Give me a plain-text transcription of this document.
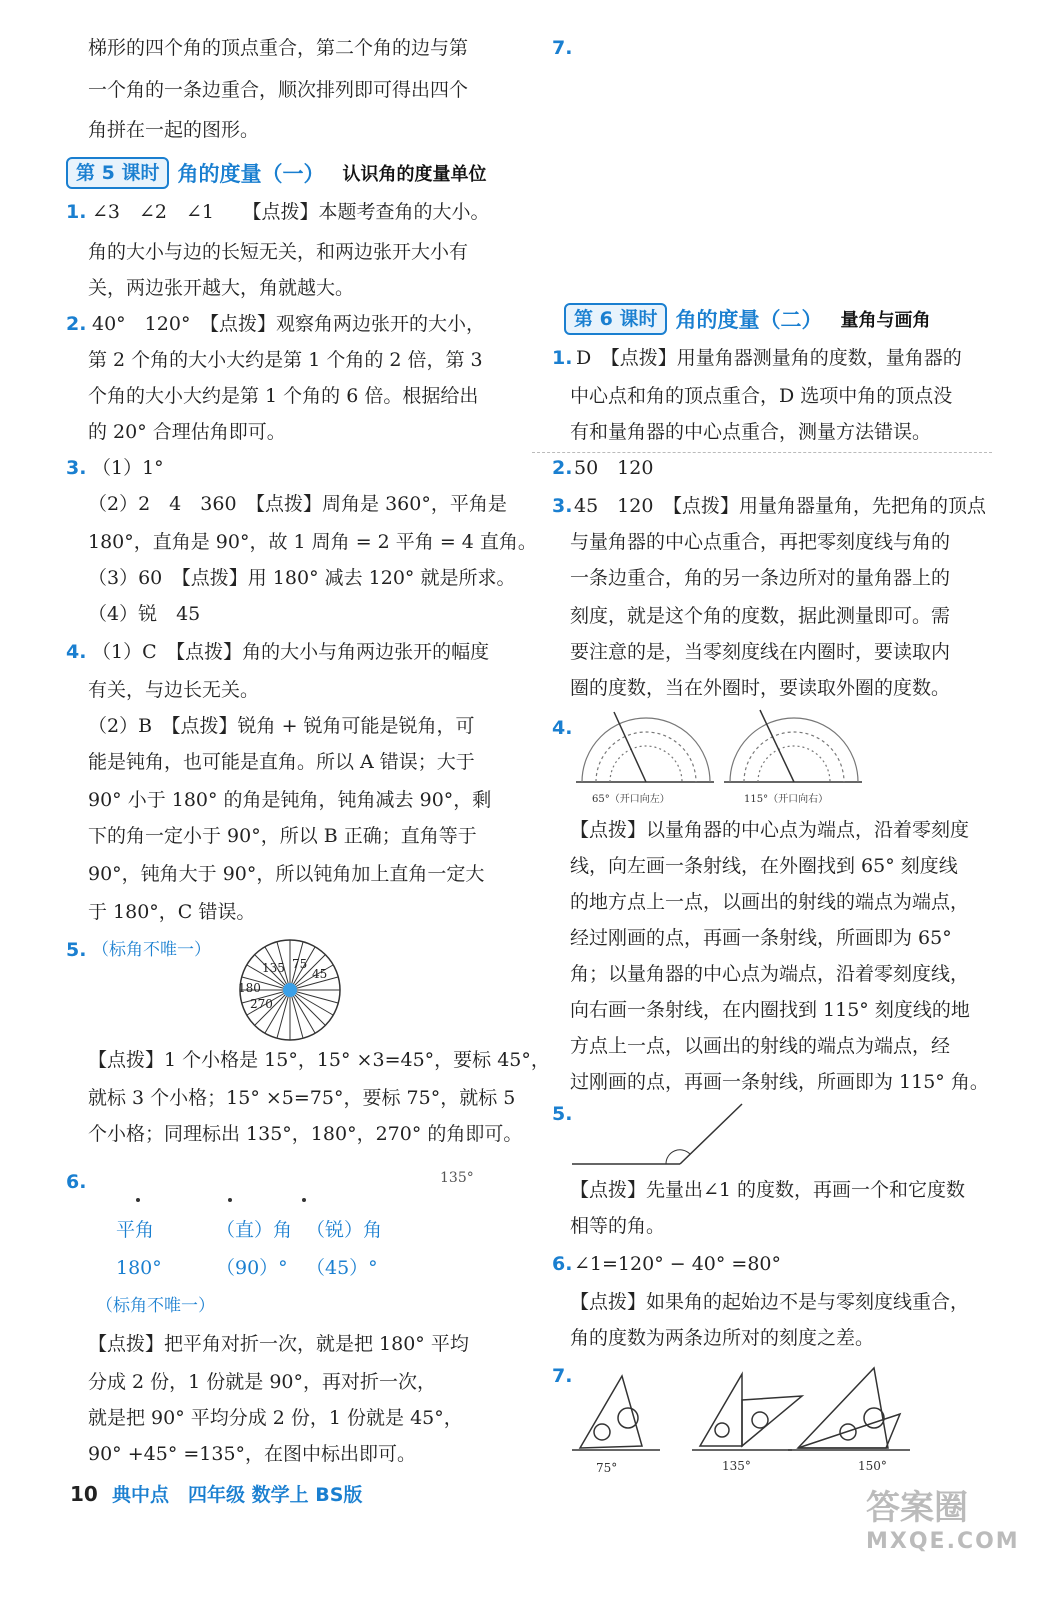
梯形的四个角的顶点重合，第二个角的边与第
一个角的一条边重合，顺次排列即可得出四个
角拼在一起的图形。
第 5 课时 角的度量（一） 认识角的度量单位
1. ∠3　∠2　∠1　　【点拨】本题考查角的大小。
角的大小与边的长短无关，和两边张开大小有
关，两边张开越大，角就越大。
2. 40°　120°　【点拨】观察角两边张开的大小，
第 2 个角的大小大约是第 1 个角的 2 倍，第 3
个角的大小大约是第 1 个角的 6 倍。根据给出
的 20° 合理估角即可。
3. （1）1°
（2）2　4　360　【点拨】周角是 360°，平角是
180°，直角是 90°，故 1 周角 = 2 平角 = 4 直角。
（3）60　【点拨】用 180° 减去 120° 就是所求。
（4）锐　45
4. （1）C　【点拨】角的大小与角两边张开的幅度
有关，与边长无关。
（2）B　【点拨】锐角 + 锐角可能是锐角，可
能是钝角，也可能是直角。所以 A 错误；大于
90° 小于 180° 的角是钝角，钝角减去 90°，剩
下的角一定小于 90°，所以 B 正确；直角等于
90°，钝角大于 90°，所以钝角加上直角一定大
于 180°，C 错误。
5. （标角不唯一）
135 75
45
180
270
【点拨】1 个小格是 15°，15° ×3=45°，要标 45°，
就标 3 个小格；15° ×5=75°，要标 75°，就标 5
个小格；同理标出 135°，180°，270° 的角即可。
6.	135°
平角	（直）角 （锐）角
180°	（90）° （45）°
（标角不唯一）
【点拨】把平角对折一次，就是把 180° 平均
分成 2 份，1 份就是 90°，再对折一次，
就是把 90° 平均分成 2 份，1 份就是 45°，
90° +45° =135°，在图中标出即可。
7.
第 6 课时 角的度量（二） 量角与画角
1. D　【点拨】用量角器测量角的度数，量角器的
中心点和角的顶点重合，D 选项中角的顶点没
有和量角器的中心点重合，测量方法错误。
2. 50　120
3. 45　120　【点拨】用量角器量角，先把角的顶点
与量角器的中心点重合，再把零刻度线与角的
一条边重合，角的另一条边所对的量角器上的
刻度，就是这个角的度数，据此测量即可。需
要注意的是，当零刻度线在内圈时，要读取内
圈的度数，当在外圈时，要读取外圈的度数。
4.
65°（开口向左）	115°（开口向右）
【点拨】以量角器的中心点为端点，沿着零刻度
线，向左画一条射线，在外圈找到 65° 刻度线
的地方点上一点，以画出的射线的端点为端点，
经过刚画的点，再画一条射线，所画即为 65°
角；以量角器的中心点为端点，沿着零刻度线，
向右画一条射线，在内圈找到 115° 刻度线的地
方点上一点，以画出的射线的端点为端点，经
过刚画的点，再画一条射线，所画即为 115° 角。
5.
【点拨】先量出∠1 的度数，再画一个和它度数
相等的角。
6. ∠1=120° − 40° =80°
【点拨】如果角的起始边不是与零刻度线重合，
角的度数为两条边所对的刻度之差。
7.
75°	135°	150°
10 典中点　四年级 数学上 BS版	答案圈
MXQE.COM
